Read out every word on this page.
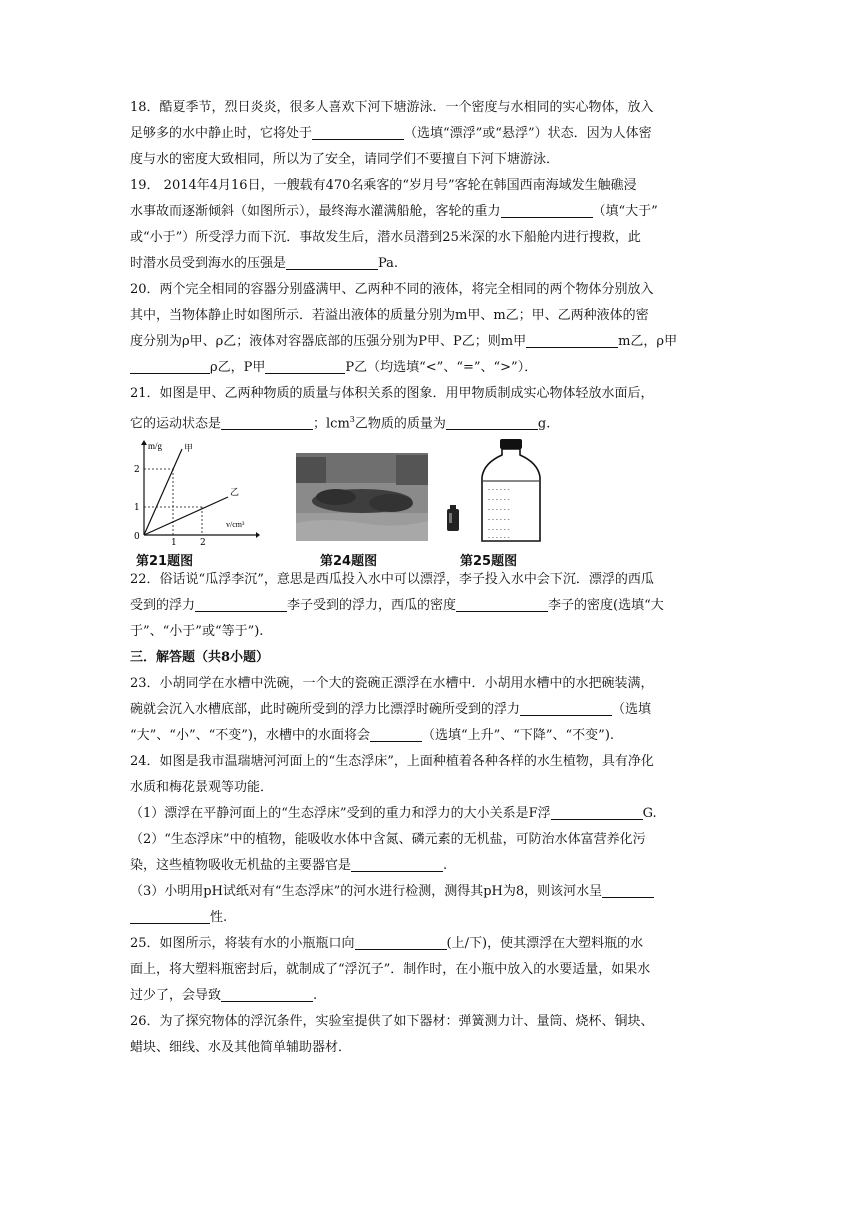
18．酷夏季节，烈日炎炎，很多人喜欢下河下塘游泳．一个密度与水相同的实心物体，放入
足够多的水中静止时，它将处于	（选填“漂浮”或“悬浮”）状态．因为人体密
度与水的密度大致相同，所以为了安全，请同学们不要擅自下河下塘游泳．
19． 2014年4月16日，一艘载有470名乘客的“岁月号”客轮在韩国西南海域发生触礁浸
水事故而逐渐倾斜（如图所示），最终海水灌满船舱，客轮的重力	（填“大于”
或“小于”）所受浮力而下沉．事故发生后，潜水员潜到25米深的水下船舱内进行搜救，此
时潜水员受到海水的压强是	Pa.
20．两个完全相同的容器分别盛满甲、乙两种不同的液体，将完全相同的两个物体分别放入
其中，当物体静止时如图所示．若溢出液体的质量分别为m甲、m乙；甲、乙两种液体的密
度分别为ρ甲、ρ乙；液体对容器底部的压强分别为P甲、P乙；则m甲	m乙，ρ甲
ρ乙，P甲	P乙（均选填“<”、“=”、“>”）．
21．如图是甲、乙两种物质的质量与体积关系的图象．用甲物质制成实心物体轻放水面后，
它的运动状态是	；lcm$^3$乙物质的质量为	g.
m/g 甲
乙
2
1
0
1	2
v/cm³
- - - - - -
- - - - - -
- - - - - -
- - - - - -
- - - - - -
- - - - - -
第21题图	第24题图	第25题图
22．俗话说“瓜浮李沉”，意思是西瓜投入水中可以漂浮，李子投入水中会下沉．漂浮的西瓜
受到的浮力	李子受到的浮力，西瓜的密度	李子的密度(选填“大
于”、“小于”或“等于”).
三．解答题（共8小题）
23．小胡同学在水槽中洗碗，一个大的瓷碗正漂浮在水槽中．小胡用水槽中的水把碗装满，
碗就会沉入水槽底部，此时碗所受到的浮力比漂浮时碗所受到的浮力	（选填
“大”、“小”、“不变”)，水槽中的水面将会	（选填“上升”、“下降”、“不变”).
24．如图是我市温瑞塘河河面上的“生态浮床”，上面种植着各种各样的水生植物，具有净化
水质和梅花景观等功能．
（1）漂浮在平静河面上的“生态浮床”受到的重力和浮力的大小关系是F浮	G.
（2）“生态浮床”中的植物，能吸收水体中含氮、磷元素的无机盐，可防治水体富营养化污
染，这些植物吸收无机盐的主要器官是	.
（3）小明用pH试纸对有“生态浮床”的河水进行检测，测得其pH为8，则该河水呈
性.
25．如图所示，将装有水的小瓶瓶口向	(上/下)，使其漂浮在大塑料瓶的水
面上，将大塑料瓶密封后，就制成了“浮沉子”．制作时，在小瓶中放入的水要适量，如果水
过少了，会导致	.
26．为了探究物体的浮沉条件，实验室提供了如下器材：弹簧测力计、量筒、烧杯、铜块、
蜡块、细线、水及其他简单辅助器材．
